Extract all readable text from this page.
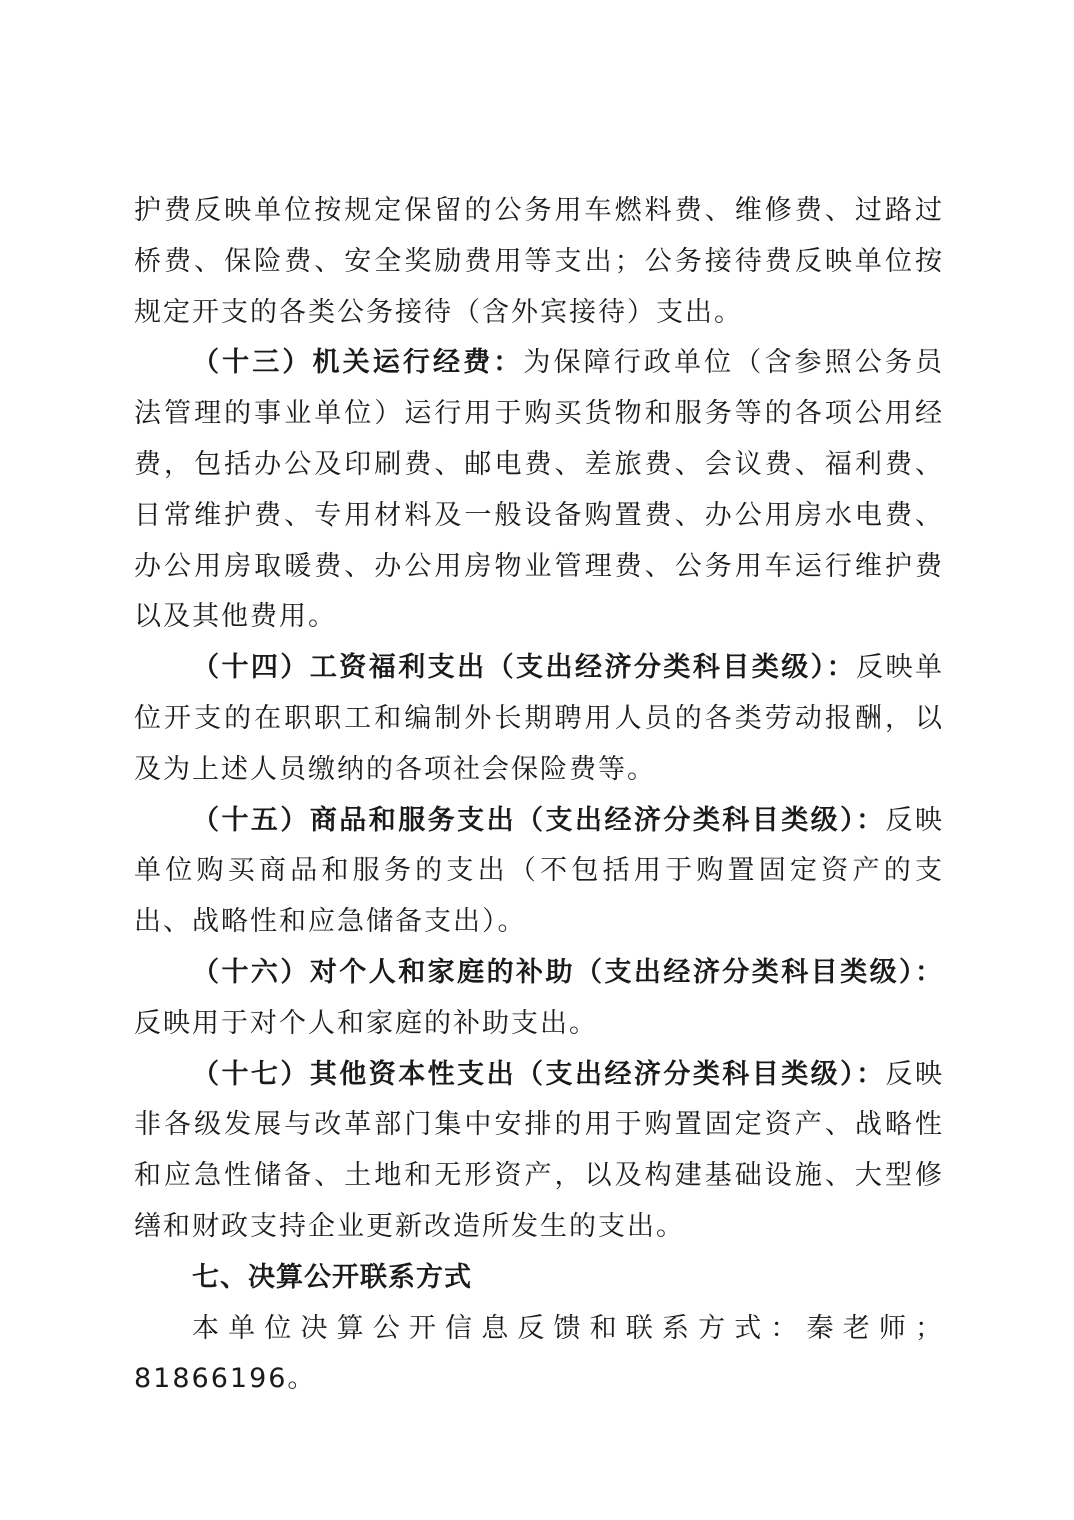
护费反映单位按规定保留的公务用车燃料费、维修费、过路过桥费、保险费、安全奖励费用等支出；公务接待费反映单位按规定开支的各类公务接待（含外宾接待）支出。

（十三）机关运行经费：为保障行政单位（含参照公务员法管理的事业单位）运行用于购买货物和服务等的各项公用经费，包括办公及印刷费、邮电费、差旅费、会议费、福利费、日常维护费、专用材料及一般设备购置费、办公用房水电费、办公用房取暖费、办公用房物业管理费、公务用车运行维护费以及其他费用。

（十四）工资福利支出（支出经济分类科目类级）：反映单位开支的在职职工和编制外长期聘用人员的各类劳动报酬，以及为上述人员缴纳的各项社会保险费等。

（十五）商品和服务支出（支出经济分类科目类级）：反映单位购买商品和服务的支出（不包括用于购置固定资产的支出、战略性和应急储备支出）。

（十六）对个人和家庭的补助（支出经济分类科目类级）：反映用于对个人和家庭的补助支出。

（十七）其他资本性支出（支出经济分类科目类级）：反映非各级发展与改革部门集中安排的用于购置固定资产、战略性和应急性储备、土地和无形资产，以及构建基础设施、大型修缮和财政支持企业更新改造所发生的支出。

七、决算公开联系方式

本单位决算公开信息反馈和联系方式：秦老师；81866196。
